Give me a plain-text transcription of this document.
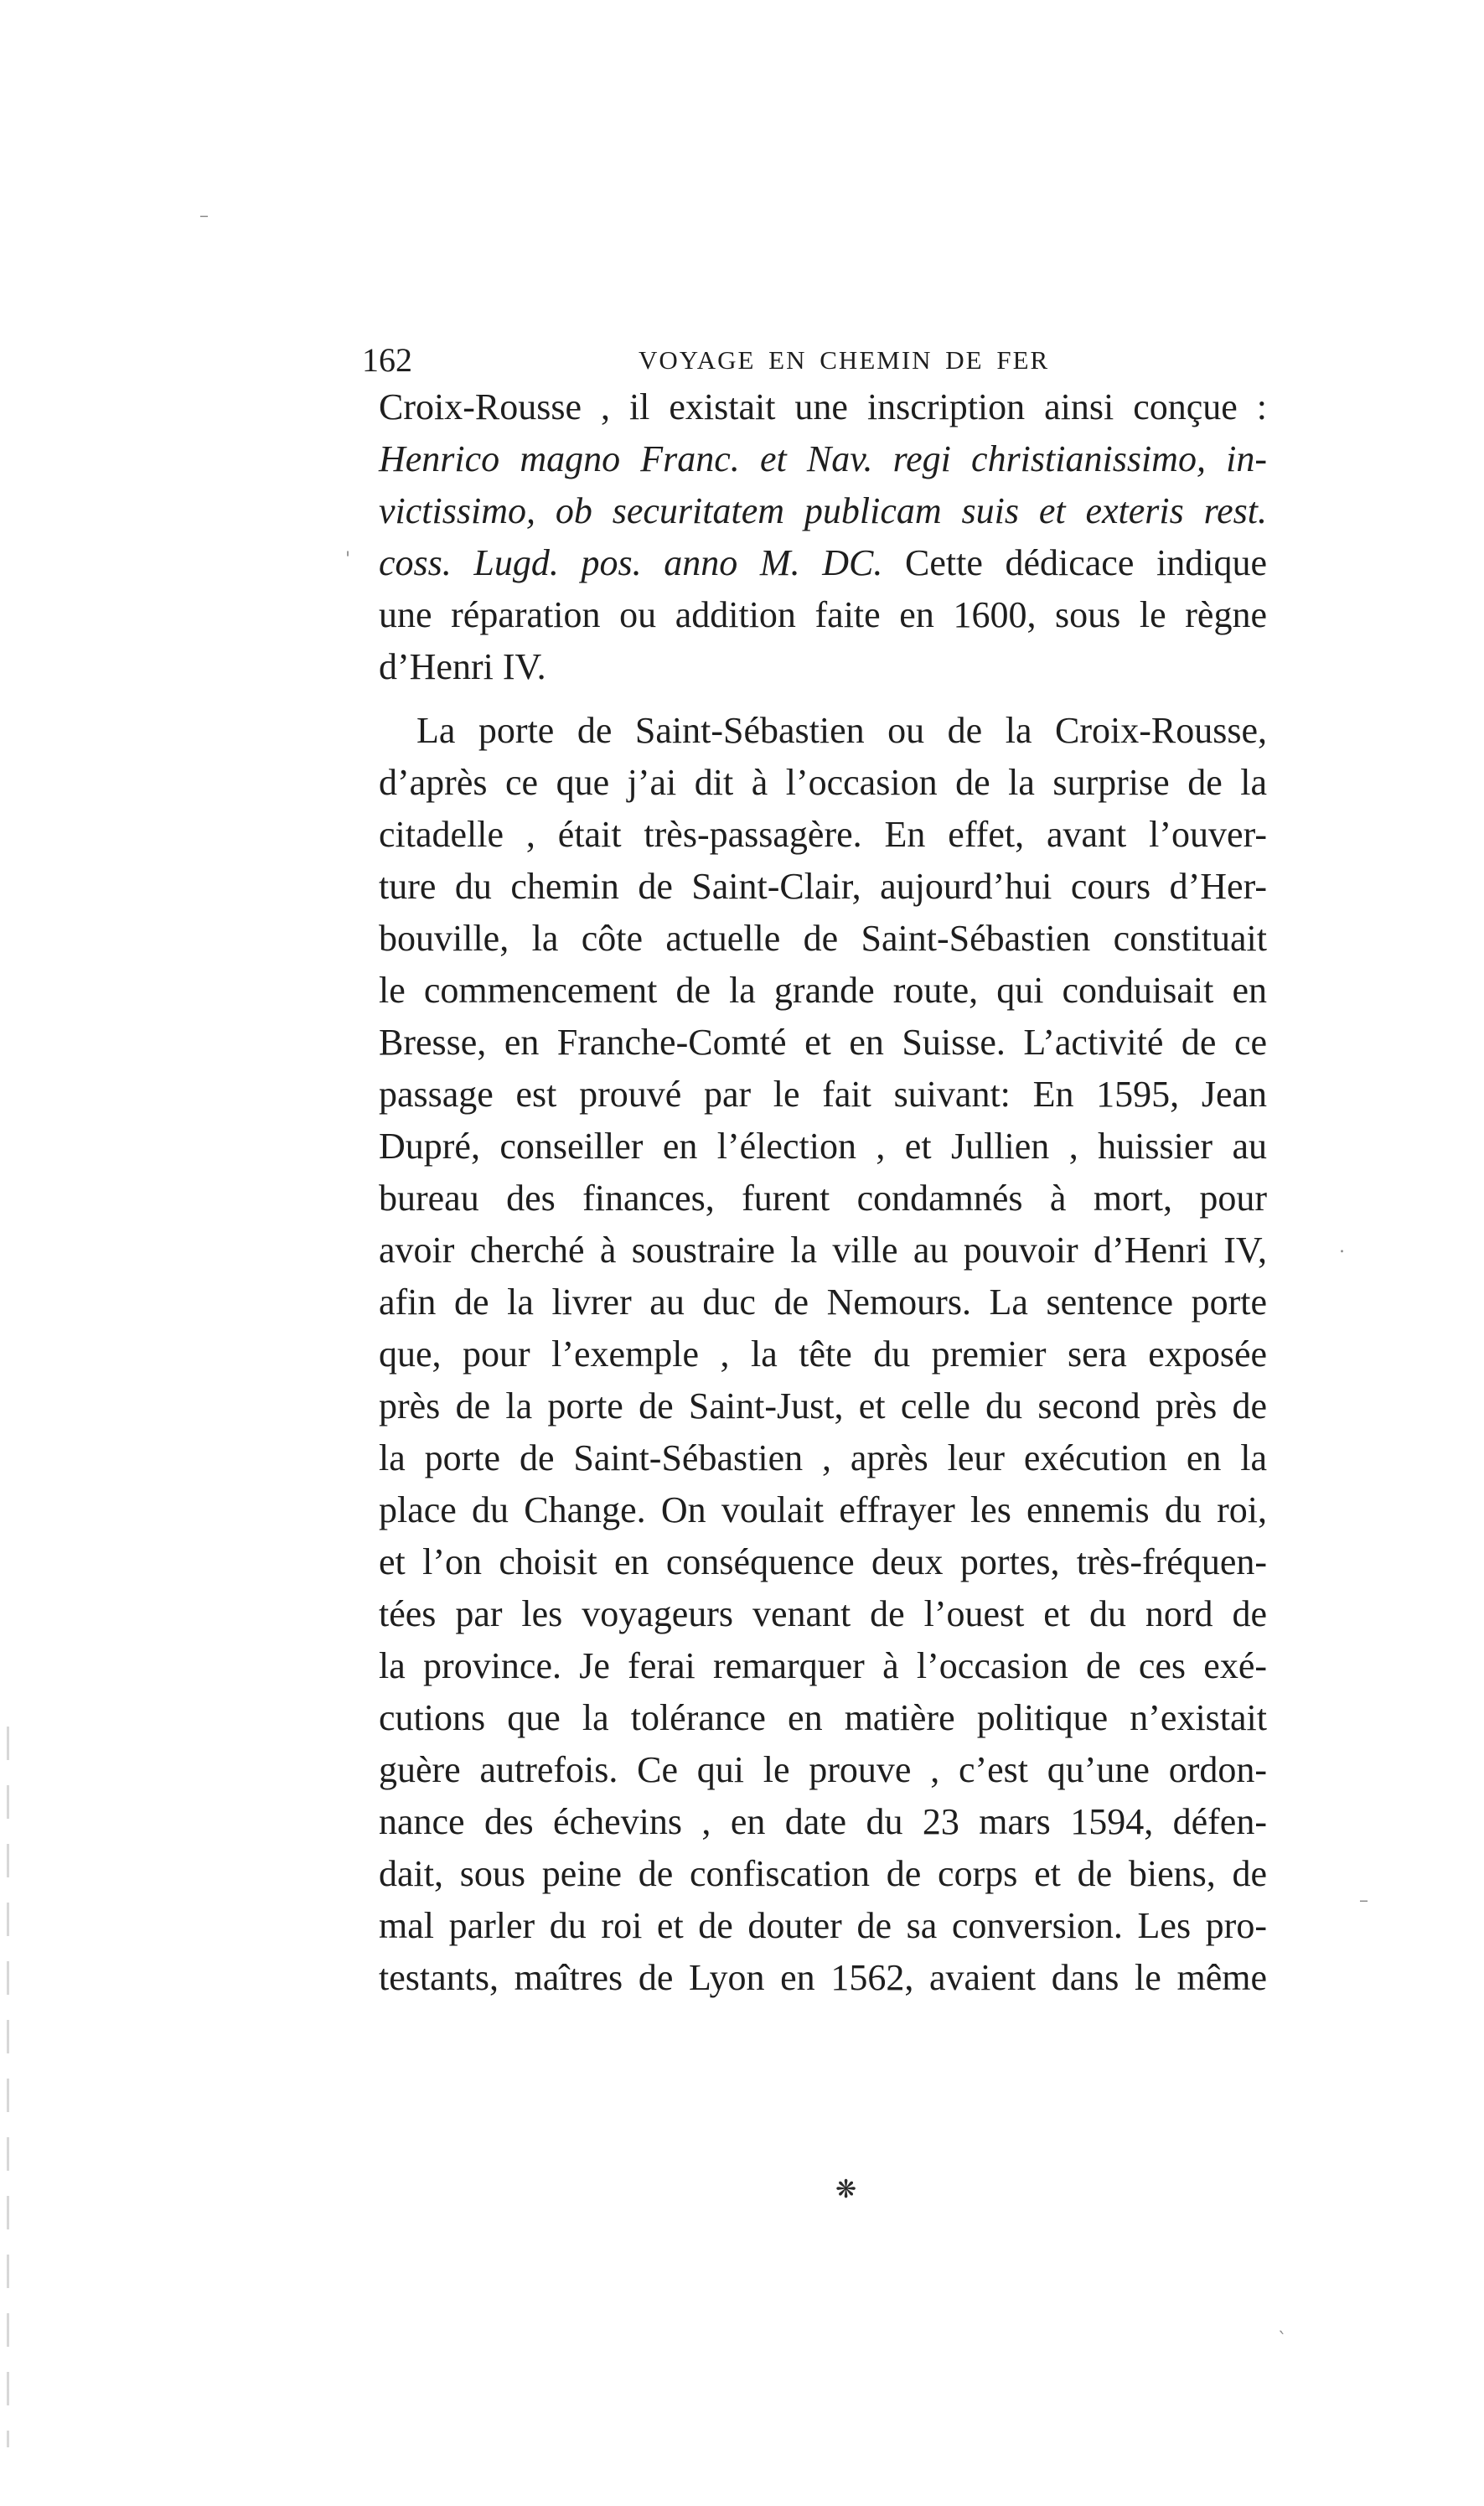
162	VOYAGE EN CHEMIN DE FER
Croix-Rousse , il existait une inscription ainsi conçue :
Henrico magno Franc. et Nav. regi christianissimo, in-
victissimo, ob securitatem publicam suis et exteris rest.
coss. Lugd. pos. anno M. DC. Cette dédicace indique
une réparation ou addition faite en 1600, sous le règne
d’Henri IV.
La porte de Saint-Sébastien ou de la Croix-Rousse,
d’après ce que j’ai dit à l’occasion de la surprise de la
citadelle , était très-passagère. En effet, avant l’ouver-
ture du chemin de Saint-Clair, aujourd’hui cours d’Her-
bouville, la côte actuelle de Saint-Sébastien constituait
le commencement de la grande route, qui conduisait en
Bresse, en Franche-Comté et en Suisse. L’activité de ce
passage est prouvé par le fait suivant: En 1595, Jean
Dupré, conseiller en l’élection , et Jullien , huissier au
bureau des finances, furent condamnés à mort, pour
avoir cherché à soustraire la ville au pouvoir d’Henri IV,
afin de la livrer au duc de Nemours. La sentence porte
que, pour l’exemple , la tête du premier sera exposée
près de la porte de Saint-Just, et celle du second près de
la porte de Saint-Sébastien , après leur exécution en la
place du Change. On voulait effrayer les ennemis du roi,
et l’on choisit en conséquence deux portes, très-fréquen-
tées par les voyageurs venant de l’ouest et du nord de
la province. Je ferai remarquer à l’occasion de ces exé-
cutions que la tolérance en matière politique n’existait
guère autrefois. Ce qui le prouve , c’est qu’une ordon-
nance des échevins , en date du 23 mars 1594, défen-
dait, sous peine de confiscation de corps et de biens, de
mal parler du roi et de douter de sa conversion. Les pro-
testants, maîtres de Lyon en 1562, avaient dans le même
❋
–
'
.
–
`
